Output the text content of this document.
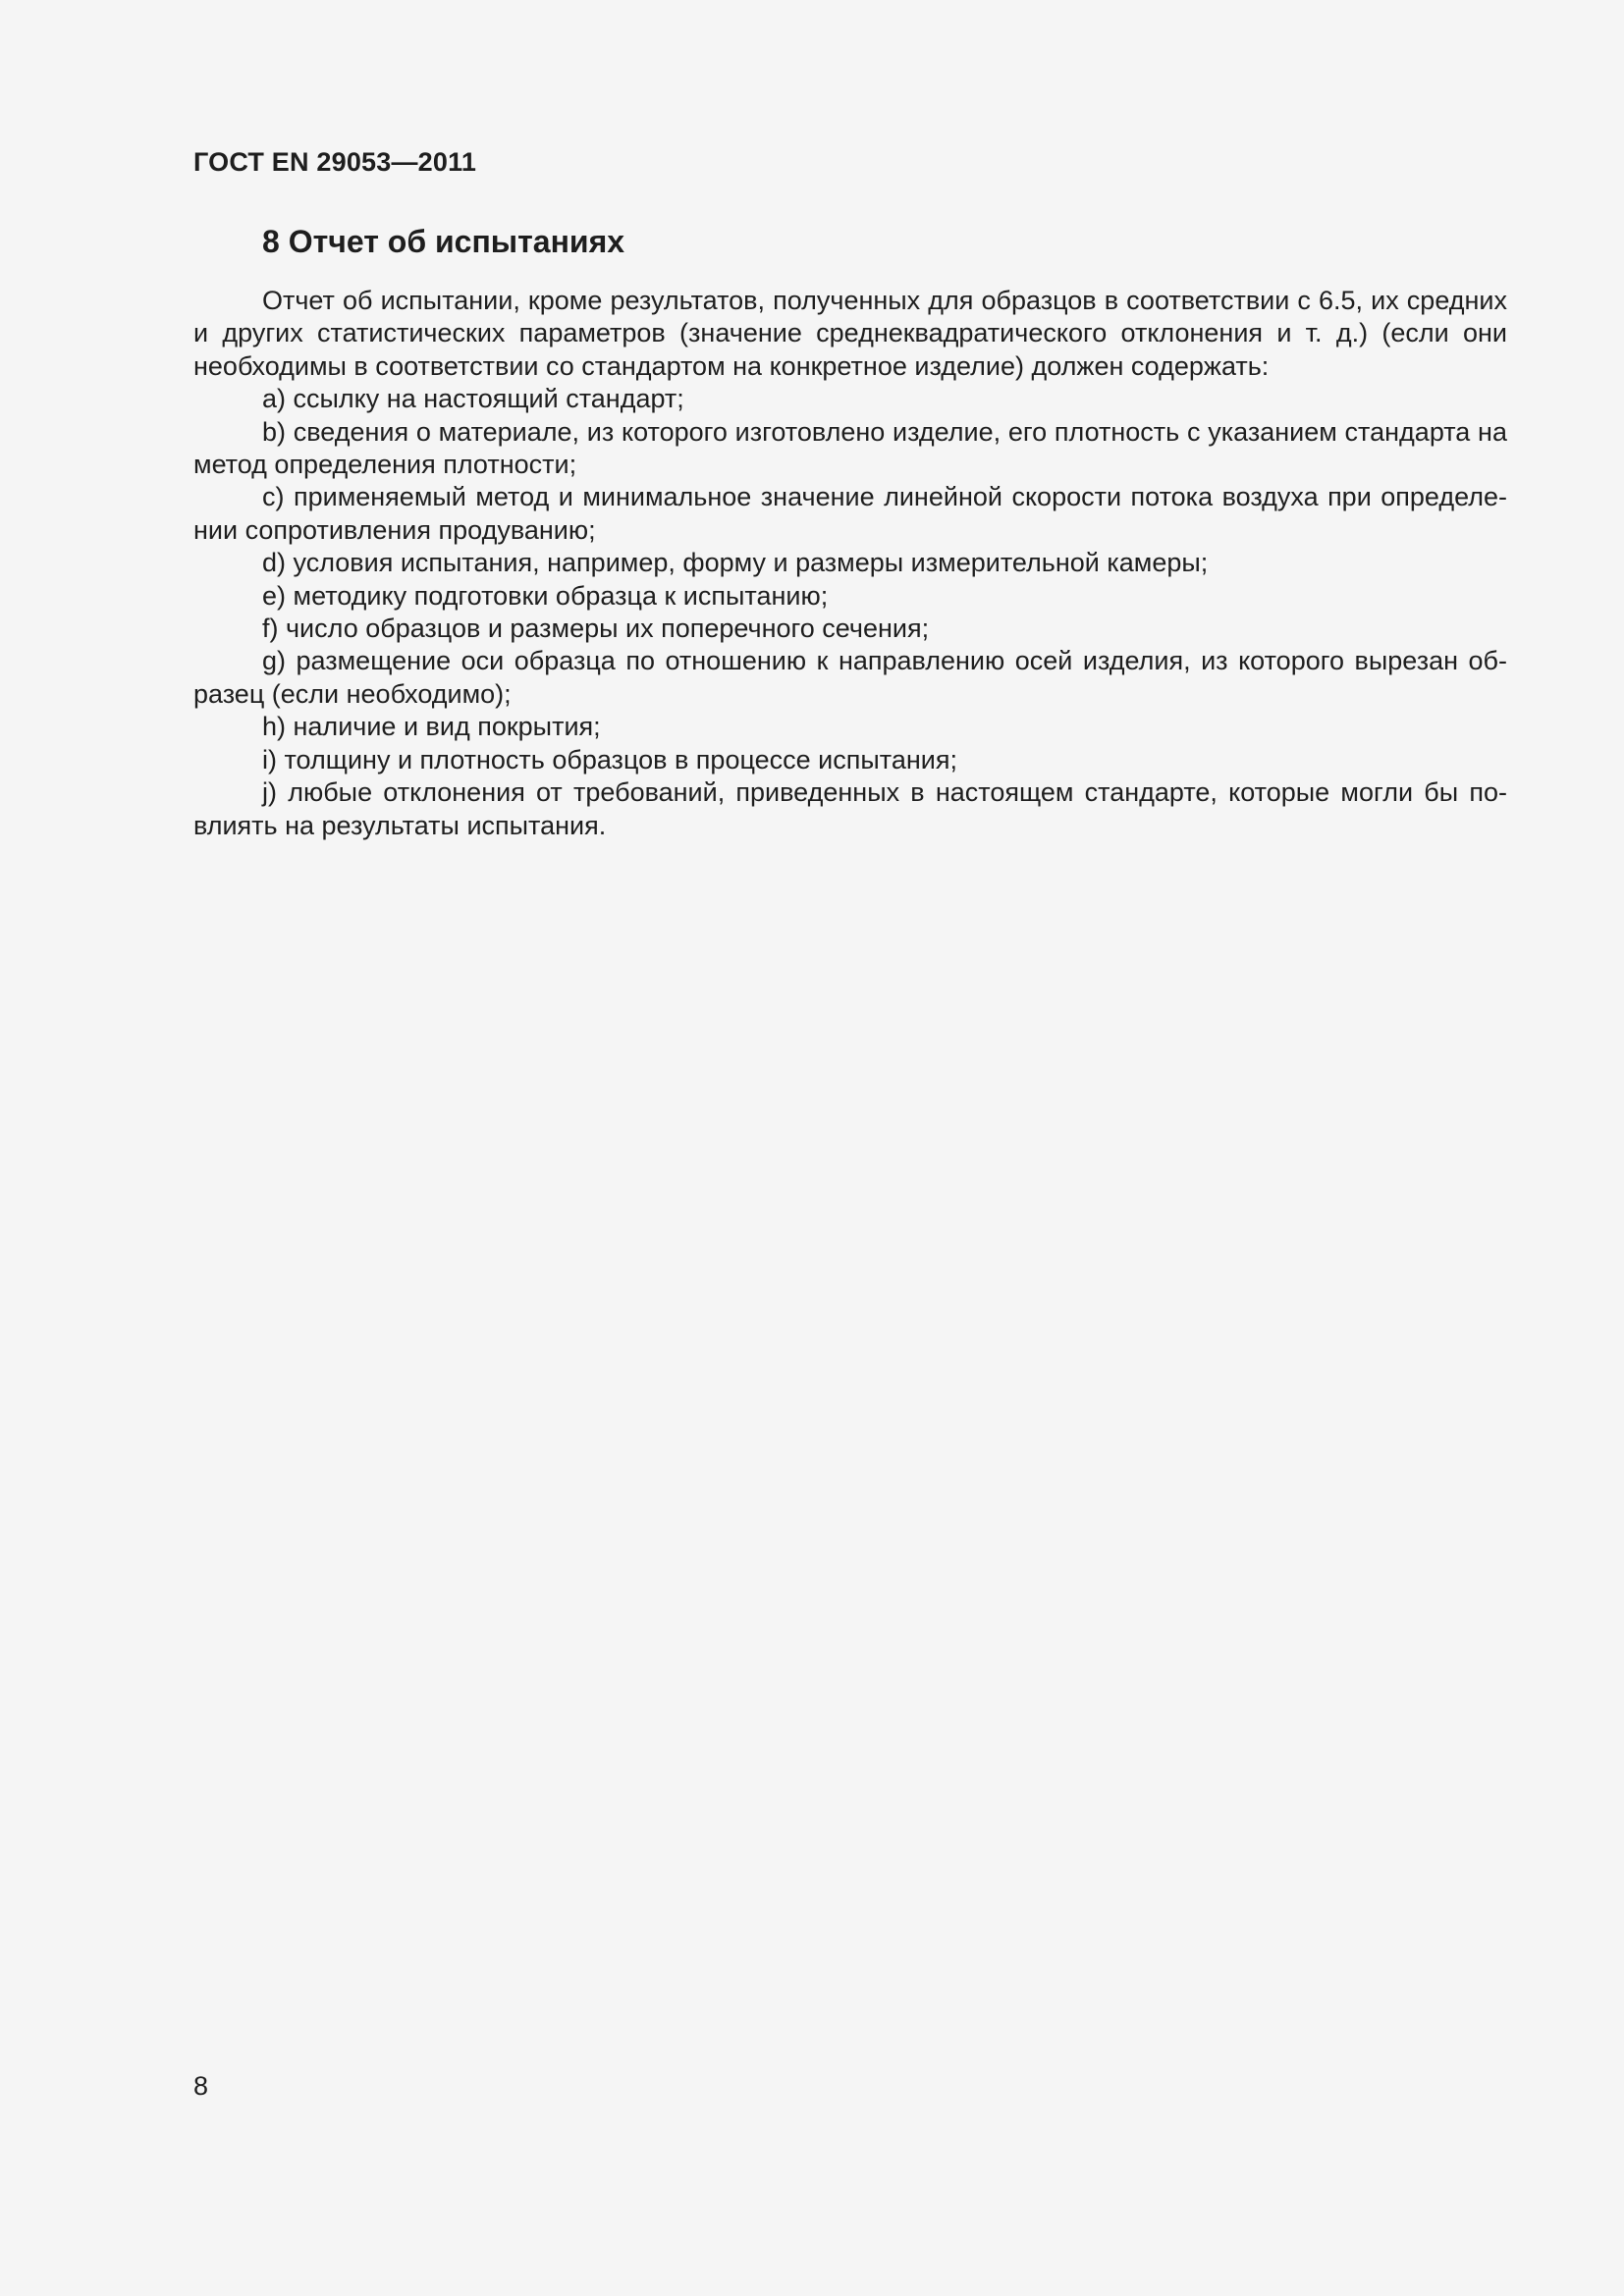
ГОСТ EN 29053—2011
8 Отчет об испытаниях

Отчет об испытании, кроме результатов, полученных для образцов в соответствии с 6.5, их средних и других статистических параметров (значение среднеквадратического отклонения и т. д.) (если они необходимы в соответствии со стандартом на конкретное изделие) должен содержать:

а) ссылку на настоящий стандарт;

b) сведения о материале, из которого изготовлено изделие, его плотность с указанием стандарта на метод определения плотности;

с) применяемый метод и минимальное значение линейной скорости потока воздуха при определении сопротивления продуванию;

d) условия испытания, например, форму и размеры измерительной камеры;

е) методику подготовки образца к испытанию;

f) число образцов и размеры их поперечного сечения;

g) размещение оси образца по отношению к направлению осей изделия, из которого вырезан образец (если необходимо);

h) наличие и вид покрытия;

i) толщину и плотность образцов в процессе испытания;

j) любые отклонения от требований, приведенных в настоящем стандарте, которые могли бы повлиять на результаты испытания.

8
